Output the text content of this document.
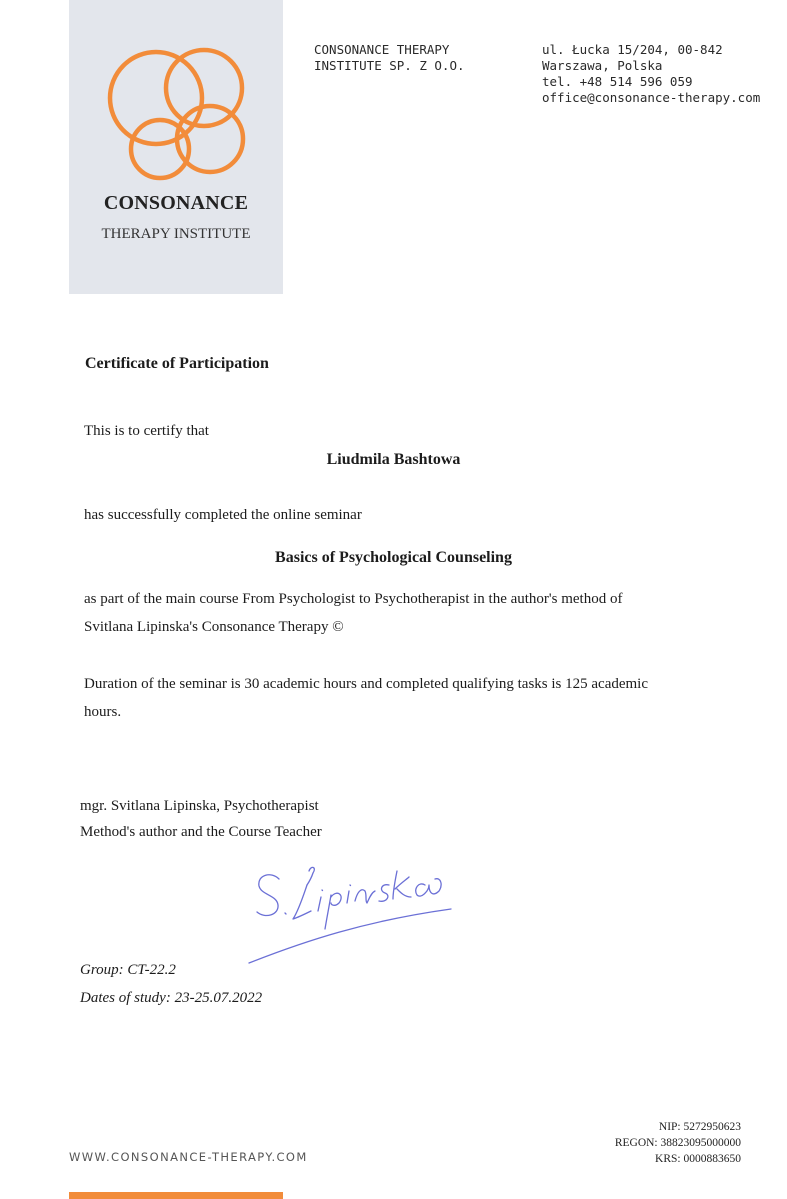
CONSONANCE
THERAPY INSTITUTE
CONSONANCE THERAPY
INSTITUTE SP. Z O.O.
ul. Łucka 15/204, 00-842
Warszawa, Polska
tel. +48 514 596 059
office@consonance-therapy.com
Certificate of Participation
This is to certify that
Liudmila Bashtowa
has successfully completed the online seminar
Basics of Psychological Counseling
as part of the main course From Psychologist to Psychotherapist in the author's method of
Svitlana Lipinska's Consonance Therapy ©
Duration of the seminar is 30 academic hours and completed qualifying tasks is 125 academic
hours.
mgr. Svitlana Lipinska, Psychotherapist
Method's author and the Course Teacher
Group: CT-22.2
Dates of study: 23-25.07.2022
WWW.CONSONANCE-THERAPY.COM
NIP: 5272950623
REGON: 38823095000000
KRS: 0000883650
